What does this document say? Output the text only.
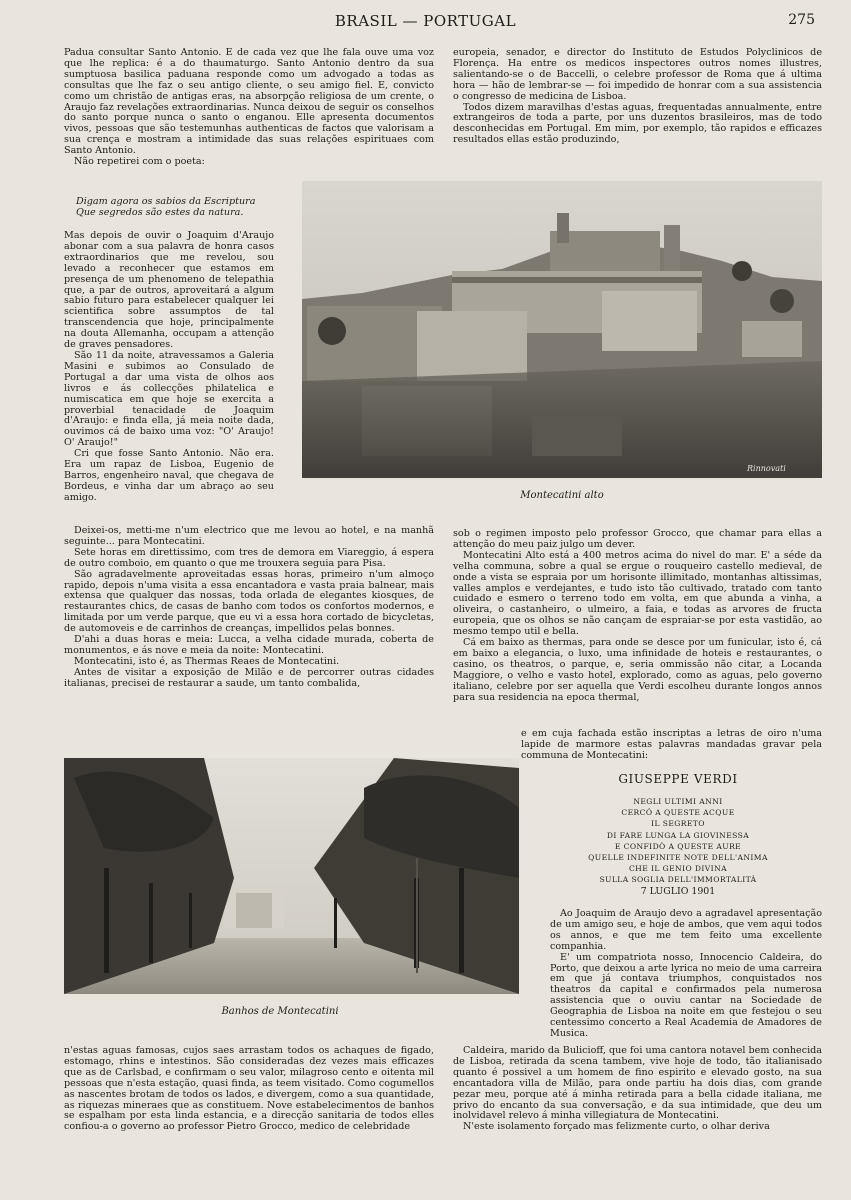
BRASIL — PORTUGAL	275

Padua consultar Santo Antonio. E de cada vez que lhe fala ouve uma voz que lhe replica: é a do thaumaturgo. Santo Antonio dentro da sua sumptuosa basilica paduana responde como um advogado a todas as consultas que lhe faz o seu antigo cliente, o seu amigo fiel. E, convicto como um christão de antigas eras, na absorpção religiosa de um crente, o Araujo faz revelações extraordinarias. Nunca deixou de seguir os conselhos do santo porque nunca o santo o enganou. Elle apresenta documentos vivos, pessoas que são testemunhas authenticas de factos que valorisam a sua crença e mostram a intimidade das suas relações espirituaes com Santo Antonio.

Não repetirei com o poeta:

Digam agora os sabios da Escriptura
Que segredos são estes da natura.

Mas depois de ouvir o Joaquim d'Araujo abonar com a sua palavra de honra casos extraordinarios que me revelou, sou levado a reconhecer que estamos em presença de um phenomeno de telepathia que, a par de outros, aproveitará a algum sabio futuro para estabelecer qualquer lei scientifica sobre assumptos de tal transcendencia que hoje, principalmente na douta Allemanha, occupam a attenção de graves pensadores.

São 11 da noite, atravessamos a Galeria Masini e subimos ao Consulado de Portugal a dar uma vista de olhos aos livros e ás collecções philatelica e numiscatica em que hoje se exercita a proverbial tenacidade de Joaquim d'Araujo: e finda ella, já meia noite dada, ouvimos cá de baixo uma voz: "O' Araujo! O' Araujo!"

Cri que fosse Santo Antonio. Não era. Era um rapaz de Lisboa, Eugenio de Barros, engenheiro naval, que chegava de Bordeus, e vinha dar um abraço ao seu amigo.

Deixei-os, metti-me n'um electrico que me levou ao hotel, e na manhã seguinte... para Montecatini.

Sete horas em direttissimo, com tres de demora em Viareggio, á espera de outro comboio, em quanto o que me trouxera seguia para Pisa.

São agradavelmente aproveitadas essas horas, primeiro n'um almoço rapido, depois n'uma visita a essa encantadora e vasta praia balnear, mais extensa que qualquer das nossas, toda orlada de elegantes kiosques, de restaurantes chics, de casas de banho com todos os confortos modernos, e limitada por um verde parque, que eu vi a essa hora cortado de bicycletas, de automoveis e de carrinhos de creanças, impellidos pelas bonnes.

D'ahi a duas horas e meia: Lucca, a velha cidade murada, coberta de monumentos, e ás nove e meia da noite: Montecatini.

Montecatini, isto é, as Thermas Reaes de Montecatini.

Antes de visitar a exposição de Milão e de percorrer outras cidades italianas, precisei de restaurar a saude, um tanto combalida,

europeia, senador, e director do Instituto de Estudos Polyclinicos de Florença. Ha entre os medicos inspectores outros nomes illustres, salientando-se o de Baccelli, o celebre professor de Roma que á ultima hora — hão de lembrar-se — foi impedido de honrar com a sua assistencia o congresso de medicina de Lisboa.

Todos dizem maravilhas d'estas aguas, frequentadas annualmente, entre extrangeiros de toda a parte, por uns duzentos brasileiros, mas de todo desconhecidas em Portugal. Em mim, por exemplo, tão rapidos e efficazes resultados ellas estão produzindo,

Rinnovati
Montecatini alto

sob o regimen imposto pelo professor Grocco, que chamar para ellas a attenção do meu paiz julgo um dever.

Montecatini Alto está a 400 metros acima do nivel do mar. E' a séde da velha communa, sobre a qual se ergue o rouqueiro castello medieval, de onde a vista se espraia por um horisonte illimitado, montanhas altissimas, valles amplos e verdejantes, e tudo isto tão cultivado, tratado com tanto cuidado e esmero o terreno todo em volta, em que abunda a vinha, a oliveira, o castanheiro, o ulmeiro, a faia, e todas as arvores de fructa europeia, que os olhos se não cançam de espraiar-se por esta vastidão, ao mesmo tempo util e bella.

Cá em baixo as thermas, para onde se desce por um funicular, isto é, cá em baixo a elegancia, o luxo, uma infinidade de hoteis e restaurantes, o casino, os theatros, o parque, e, seria ommissão não citar, a Locanda Maggiore, o velho e vasto hotel, explorado, como as aguas, pelo governo italiano, celebre por ser aquella que Verdi escolheu durante longos annos para sua residencia na epoca thermal,

e em cuja fachada estão inscriptas a letras de oiro n'uma lapide de marmore estas palavras mandadas gravar pela communa de Montecatini:

GIUSEPPE VERDI
NEGLI ULTIMI ANNI
CERCÓ A QUESTE ACQUE
IL SEGRETO
DI FARE LUNGA LA GIOVINESSA
E CONFIDÒ A QUESTE AURE
QUELLE INDEFINITE NOTE DELL'ANIMA
CHE IL GENIO DIVINA
SULLA SOGLIA DELL'IMMORTALITÀ
7 LUGLIO 1901

Ao Joaquim de Araujo devo a agradavel apresentação de um amigo seu, e hoje de ambos, que vem aqui todos os annos, e que me tem feito uma excellente companhia.

E' um compatriota nosso, Innocencio Caldeira, do Porto, que deixou a arte lyrica no meio de uma carreira em que já contava triumphos, conquistados nos theatros da capital e confirmados pela numerosa assistencia que o ouviu cantar na Sociedade de Geographia de Lisboa na noite em que festejou o seu centessimo concerto a Real Academia de Amadores de Musica.

Banhos de Montecatini

n'estas aguas famosas, cujos saes arrastam todos os achaques de figado, estomago, rhins e intestinos. São consideradas dez vezes mais efficazes que as de Carlsbad, e confirmam o seu valor, milagroso cento e oitenta mil pessoas que n'esta estação, quasi finda, as teem visitado. Como cogumellos as nascentes brotam de todos os lados, e divergem, como a sua quantidade, as riquezas mineraes que as constituem. Nove estabelecimentos de banhos se espalham por esta linda estancia, e a direcção sanitaria de todos elles confiou-a o governo ao professor Pietro Grocco, medico de celebridade

Caldeira, marido da Bulicioff, que foi uma cantora notavel bem conhecida de Lisboa, retirada da scena tambem, vive hoje de todo, tão italianisado quanto é possivel a um homem de fino espirito e elevado gosto, na sua encantadora villa de Milão, para onde partiu ha dois dias, com grande pezar meu, porque até á minha retirada para a bella cidade italiana, me privo do encanto da sua conversação, e da sua intimidade, que deu um inolvidavel relevo á minha villegiatura de Montecatini.

N'este isolamento forçado mas felizmente curto, o olhar deriva
